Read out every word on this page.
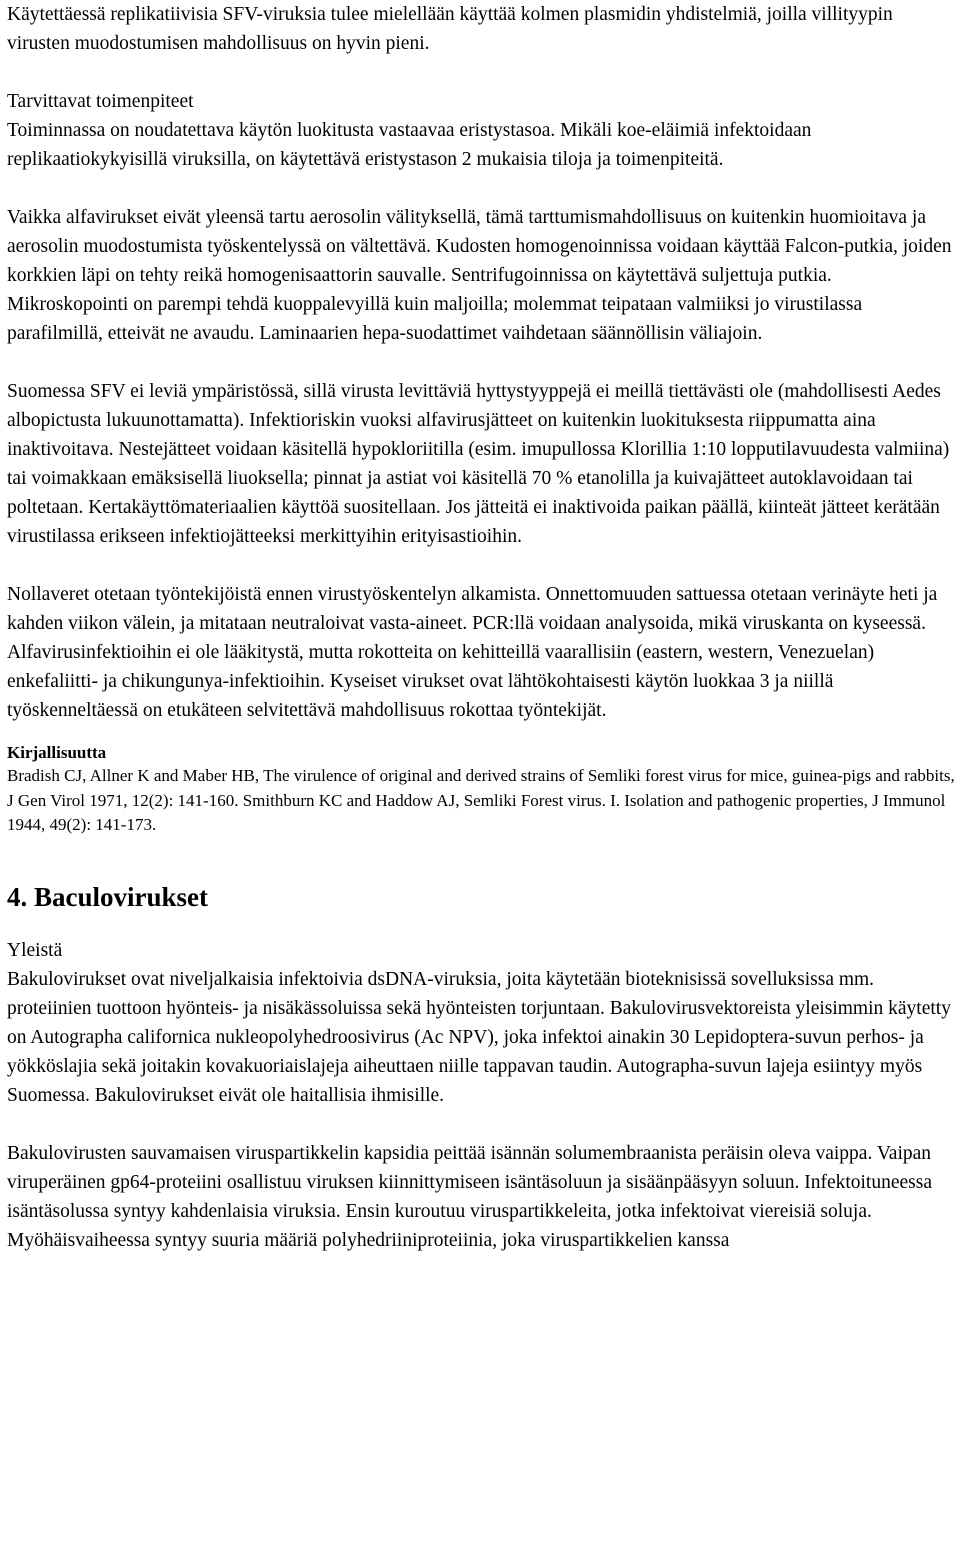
Käytettäessä replikatiivisia SFV-viruksia tulee mielellään käyttää kolmen plasmidin yhdistelmiä, joilla villityypin virusten muodostumisen mahdollisuus on hyvin pieni.

Tarvittavat toimenpiteet

Toiminnassa on noudatettava käytön luokitusta vastaavaa eristystasoa. Mikäli koe-eläimiä infektoidaan replikaatiokykyisillä viruksilla, on käytettävä eristystason 2 mukaisia tiloja ja toimenpiteitä.

Vaikka alfavirukset eivät yleensä tartu aerosolin välityksellä, tämä tarttumismahdollisuus on kuitenkin huomioitava ja aerosolin muodostumista työskentelyssä on vältettävä. Kudosten homogenoinnissa voidaan käyttää Falcon-putkia, joiden korkkien läpi on tehty reikä homogenisaattorin sauvalle. Sentrifugoinnissa on käytettävä suljettuja putkia. Mikroskopointi on parempi tehdä kuoppalevyillä kuin maljoilla; molemmat teipataan valmiiksi jo virustilassa parafilmillä, etteivät ne avaudu. Laminaarien hepa-suodattimet vaihdetaan säännöllisin väliajoin.

Suomessa SFV ei leviä ympäristössä, sillä virusta levittäviä hyttystyyppejä ei meillä tiettävästi ole (mahdollisesti Aedes albopictusta lukuunottamatta). Infektioriskin vuoksi alfavirusjätteet on kuitenkin luokituksesta riippumatta aina inaktivoitava. Nestejätteet voidaan käsitellä hypokloriitilla (esim. imupullossa Klorillia 1:10 lopputilavuudesta valmiina) tai voimakkaan emäksisellä liuoksella; pinnat ja astiat voi käsitellä 70 % etanolilla ja kuivajätteet autoklavoidaan tai poltetaan. Kertakäyttömateriaalien käyttöä suositellaan. Jos jätteitä ei inaktivoida paikan päällä, kiinteät jätteet kerätään virustilassa erikseen infektiojätteeksi merkittyihin erityisastioihin.

Nollaveret otetaan työntekijöistä ennen virustyöskentelyn alkamista. Onnettomuuden sattuessa otetaan verinäyte heti ja kahden viikon välein, ja mitataan neutraloivat vasta-aineet. PCR:llä voidaan analysoida, mikä viruskanta on kyseessä. Alfavirusinfektioihin ei ole lääkitystä, mutta rokotteita on kehitteillä vaarallisiin (eastern, western, Venezuelan) enkefaliitti- ja chikungunya-infektioihin. Kyseiset virukset ovat lähtökohtaisesti käytön luokkaa 3 ja niillä työskenneltäessä on etukäteen selvitettävä mahdollisuus rokottaa työntekijät.

Kirjallisuutta

Bradish CJ, Allner K and Maber HB, The virulence of original and derived strains of Semliki forest virus for mice, guinea-pigs and rabbits, J Gen Virol 1971, 12(2): 141-160. Smithburn KC and Haddow AJ, Semliki Forest virus. I. Isolation and pathogenic properties, J Immunol 1944, 49(2): 141-173.

4. Baculovirukset

Yleistä

Bakulovirukset ovat niveljalkaisia infektoivia dsDNA-viruksia, joita käytetään bioteknisissä sovelluksissa mm. proteiinien tuottoon hyönteis- ja nisäkässoluissa sekä hyönteisten torjuntaan. Bakulovirusvektoreista yleisimmin käytetty on Autographa californica nukleopolyhedroosivirus (Ac NPV), joka infektoi ainakin 30 Lepidoptera-suvun perhos- ja yökköslajia sekä joitakin kovakuoriaislajeja aiheuttaen niille tappavan taudin. Autographa-suvun lajeja esiintyy myös Suomessa. Bakulovirukset eivät ole haitallisia ihmisille.

Bakulovirusten sauvamaisen viruspartikkelin kapsidia peittää isännän solumembraanista peräisin oleva vaippa. Vaipan viruperäinen gp64-proteiini osallistuu viruksen kiinnittymiseen isäntäsoluun ja sisäänpääsyyn soluun. Infektoituneessa isäntäsolussa syntyy kahdenlaisia viruksia. Ensin kuroutuu viruspartikkeleita, jotka infektoivat viereisiä soluja. Myöhäisvaiheessa syntyy suuria määriä polyhedriiniproteiinia, joka viruspartikkelien kanssa
